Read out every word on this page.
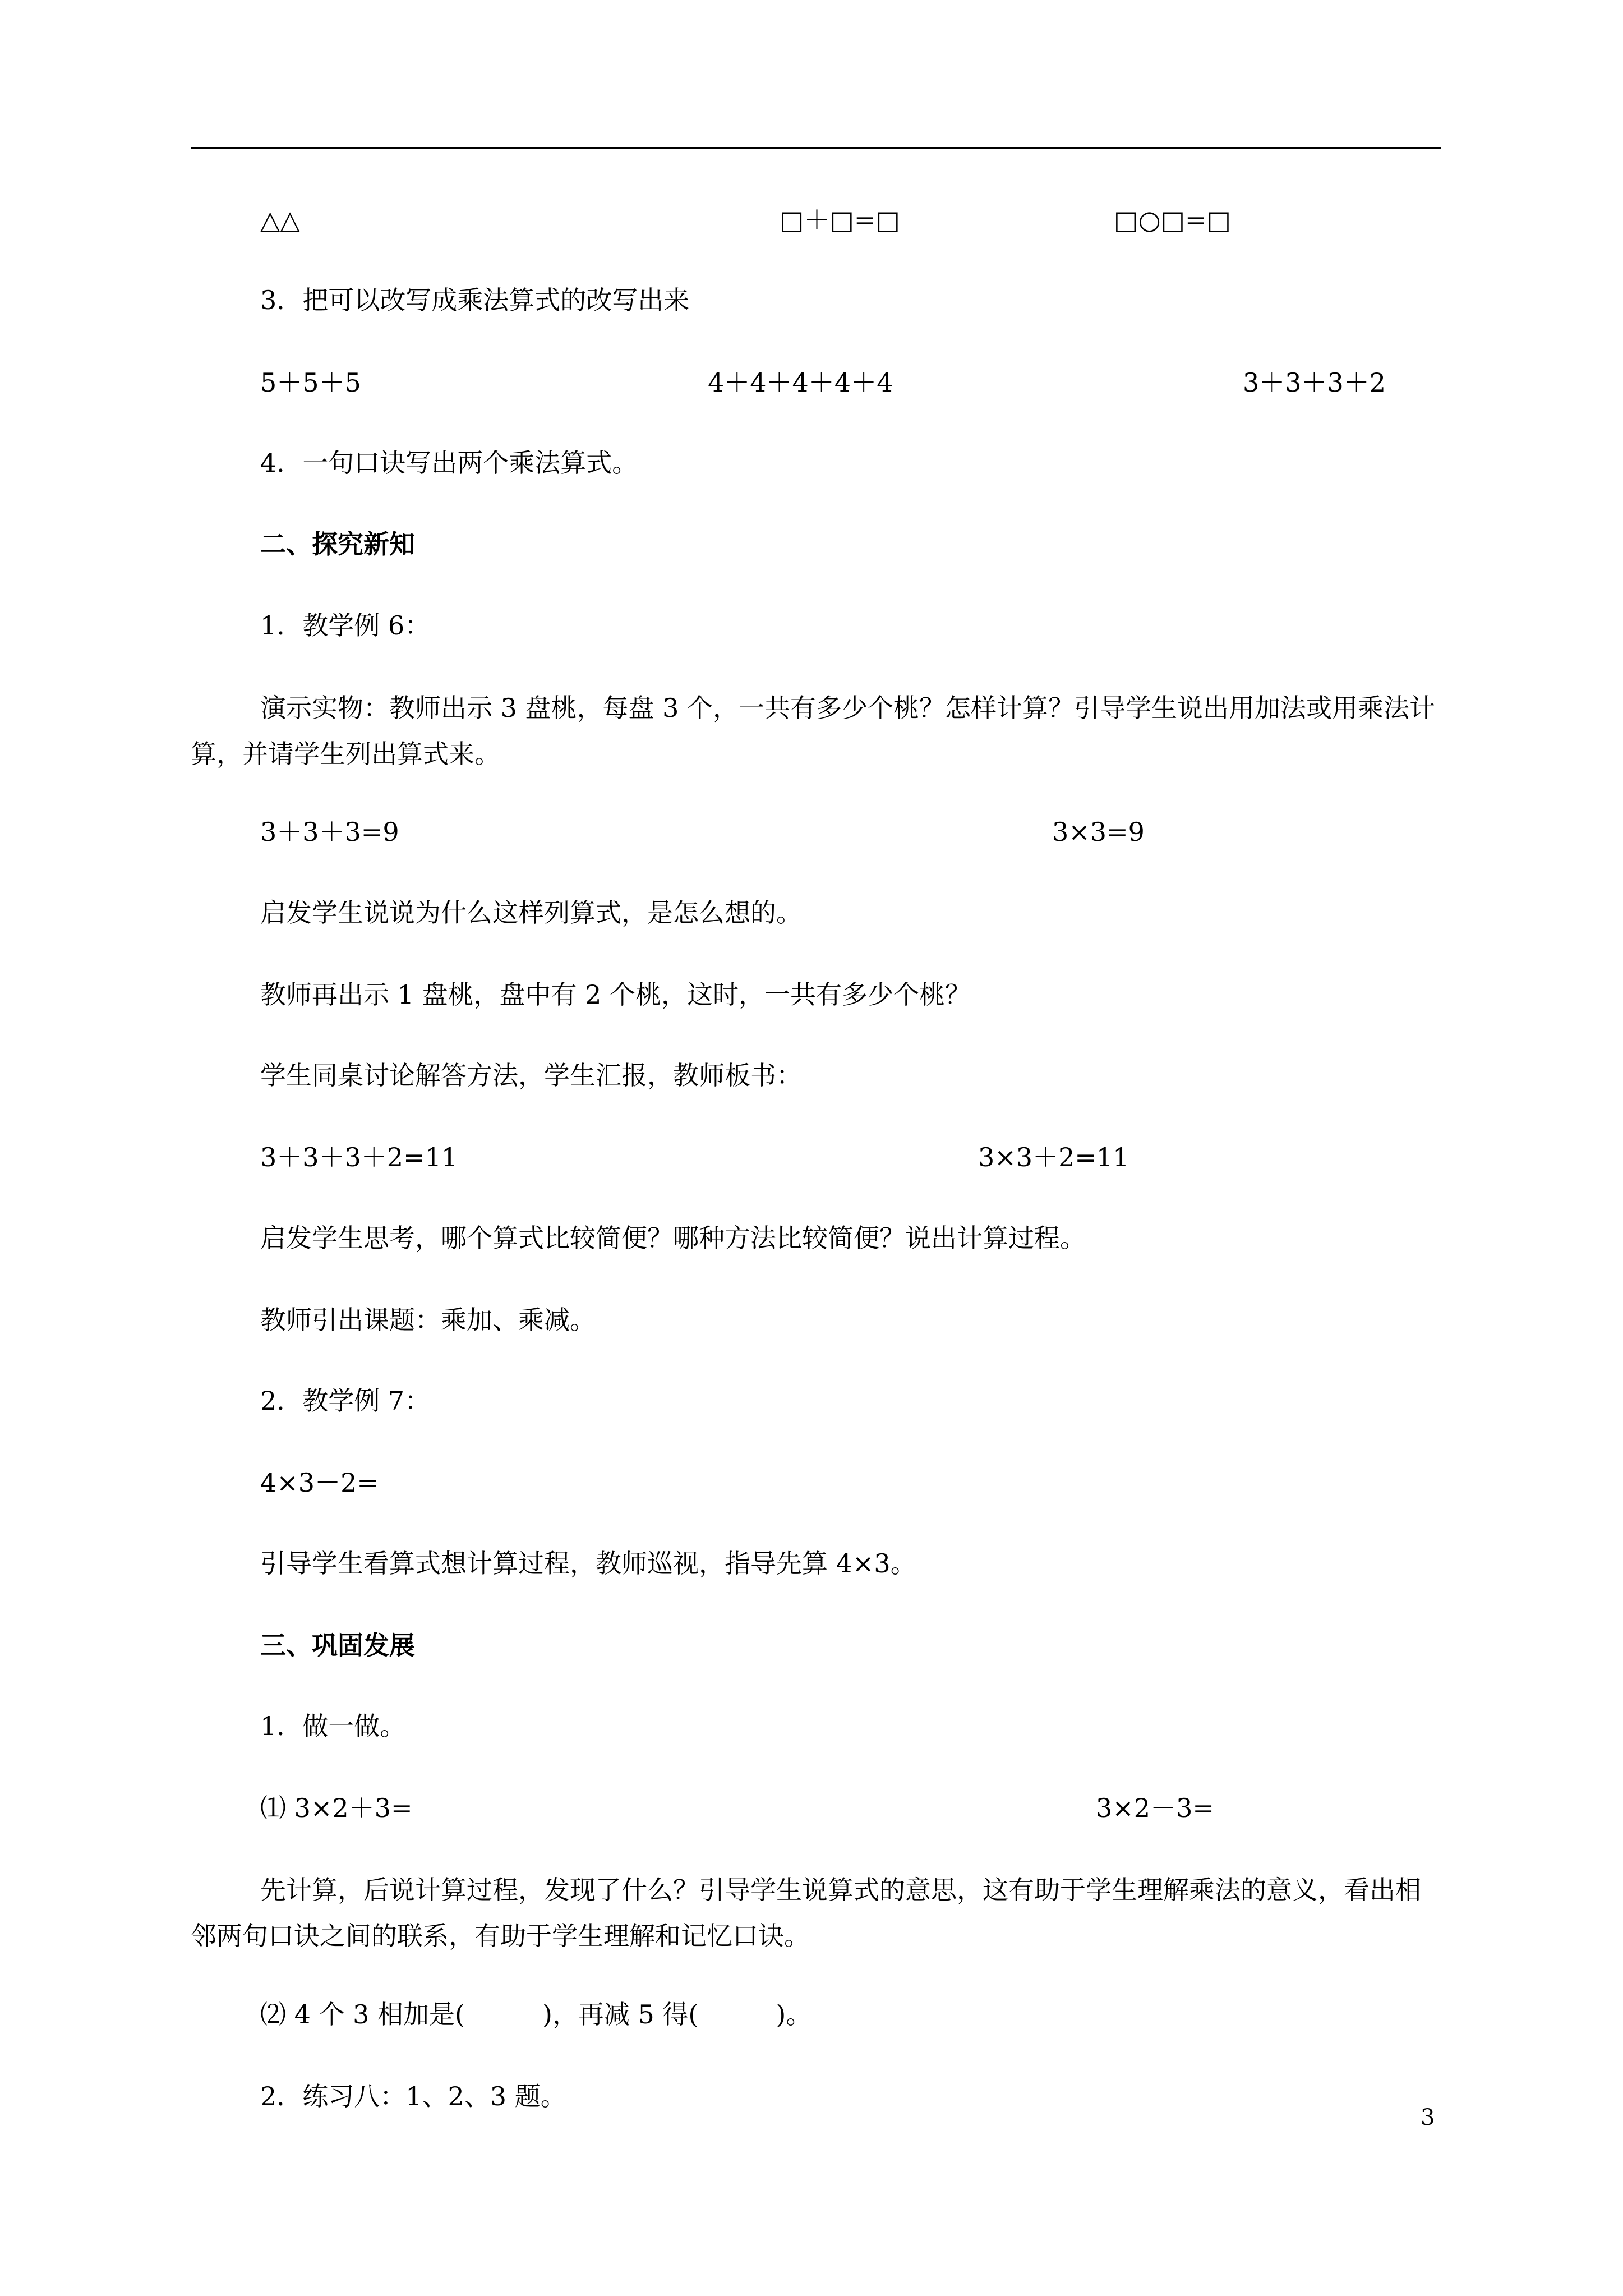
△△	□＋□=□	□○□=□
3．把可以改写成乘法算式的改写出来
5＋5＋5	4＋4＋4＋4＋4	3＋3＋3＋2
4．一句口诀写出两个乘法算式。
二、探究新知
1．教学例 6：
演示实物：教师出示 3 盘桃，每盘 3 个，一共有多少个桃？怎样计算？引导学生说出用加法或用乘法计算，并请学生列出算式来。
3＋3＋3=9	3×3=9
启发学生说说为什么这样列算式，是怎么想的。
教师再出示 1 盘桃，盘中有 2 个桃，这时，一共有多少个桃？
学生同桌讨论解答方法，学生汇报，教师板书：
3＋3＋3＋2=11	3×3＋2=11
启发学生思考，哪个算式比较简便？哪种方法比较简便？说出计算过程。
教师引出课题：乘加、乘减。
2．教学例 7：
4×3－2=
引导学生看算式想计算过程，教师巡视，指导先算 4×3。
三、巩固发展
1．做一做。
⑴ 3×2＋3=	3×2－3=
先计算，后说计算过程，发现了什么？引导学生说算式的意思，这有助于学生理解乘法的意义，看出相邻两句口诀之间的联系，有助于学生理解和记忆口诀。
⑵ 4 个 3 相加是(　　　)，再减 5 得(　　　)。
2．练习八：1、2、3 题。
3
